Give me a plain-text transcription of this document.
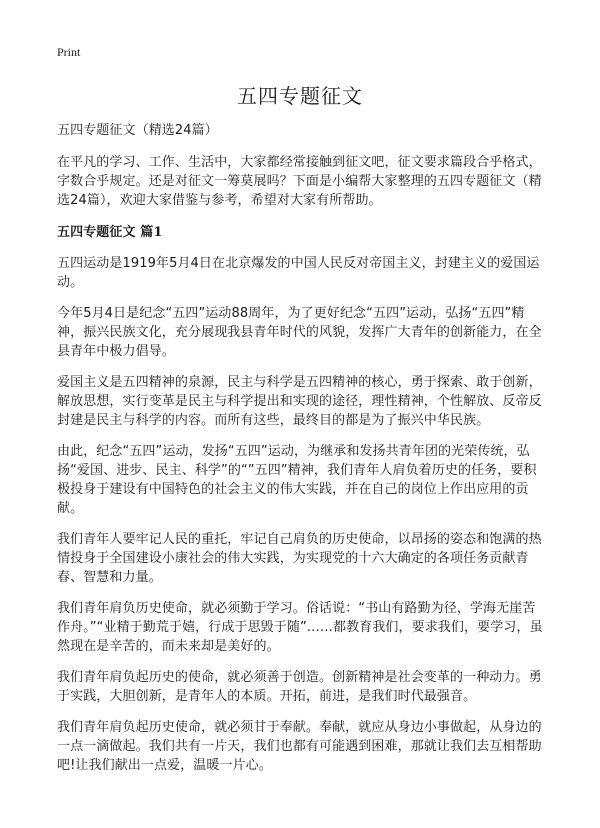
Print
五四专题征文

五四专题征文（精选24篇）

在平凡的学习、工作、生活中，大家都经常接触到征文吧，征文要求篇段合乎格式，字数合乎规定。还是对征文一筹莫展吗？下面是小编帮大家整理的五四专题征文（精选24篇），欢迎大家借鉴与参考，希望对大家有所帮助。

五四专题征文 篇1

五四运动是1919年5月4日在北京爆发的中国人民反对帝国主义，封建主义的爱国运动。

今年5月4日是纪念“五四”运动88周年，为了更好纪念“五四”运动，弘扬“五四”精神，振兴民族文化，充分展现我县青年时代的风貌，发挥广大青年的创新能力，在全县青年中极力倡导。

爱国主义是五四精神的泉源，民主与科学是五四精神的核心，勇于探索、敢于创新，解放思想，实行变革是民主与科学提出和实现的途径，理性精神，个性解放、反帝反封建是民主与科学的内容。而所有这些，最终目的都是为了振兴中华民族。

由此，纪念“五四”运动，发扬“五四”运动，为继承和发扬共青年团的光荣传统，弘扬“爱国、进步、民主、科学”的“”五四”精神，我们青年人肩负着历史的任务，要积极投身于建设有中国特色的社会主义的伟大实践，并在自己的岗位上作出应用的贡献。

我们青年人要牢记人民的重托，牢记自己肩负的历史使命，以昂扬的姿态和饱满的热情投身于全国建设小康社会的伟大实践，为实现党的十六大确定的各项任务贡献青春、智慧和力量。

我们青年肩负历史使命，就必须勤于学习。俗话说：“书山有路勤为径，学海无崖苦作舟。”“业精于勤荒于嬉，行成于思毁于随”……都教育我们，要求我们，要学习，虽然现在是辛苦的，而未来却是美好的。

我们青年肩负起历史的使命，就必须善于创造。创新精神是社会变革的一种动力。勇于实践，大胆创新，是青年人的本质。开拓，前进，是我们时代最强音。

我们青年肩负起历史使命，就必须甘于奉献。奉献，就应从身边小事做起，从身边的一点一滴做起。我们共有一片天，我们也都有可能遇到困难，那就让我们去互相帮助吧!让我们献出一点爱，温暖一片心。
